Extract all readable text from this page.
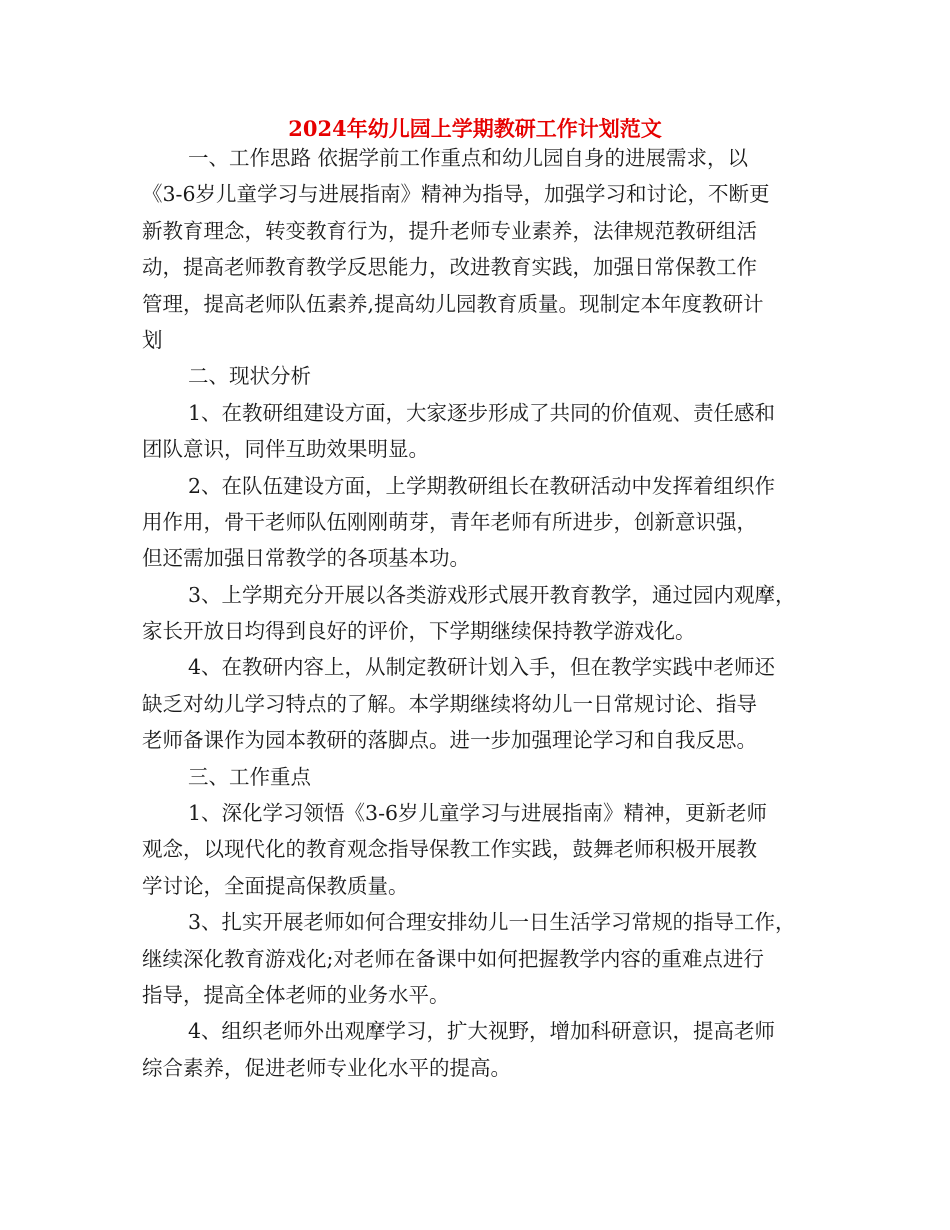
2024年幼儿园上学期教研工作计划范文
一、工作思路 依据学前工作重点和幼儿园自身的进展需求，以
《3-6岁儿童学习与进展指南》精神为指导，加强学习和讨论，不断更
新教育理念，转变教育行为，提升老师专业素养，法律规范教研组活
动，提高老师教育教学反思能力，改进教育实践，加强日常保教工作
管理，提高老师队伍素养,提高幼儿园教育质量。现制定本年度教研计
划
二、现状分析
1、在教研组建设方面，大家逐步形成了共同的价值观、责任感和
团队意识，同伴互助效果明显。
2、在队伍建设方面，上学期教研组长在教研活动中发挥着组织作
用作用，骨干老师队伍刚刚萌芽，青年老师有所进步，创新意识强，
但还需加强日常教学的各项基本功。
3、上学期充分开展以各类游戏形式展开教育教学，通过园内观摩，
家长开放日均得到良好的评价，下学期继续保持教学游戏化。
4、在教研内容上，从制定教研计划入手，但在教学实践中老师还
缺乏对幼儿学习特点的了解。本学期继续将幼儿一日常规讨论、指导
老师备课作为园本教研的落脚点。进一步加强理论学习和自我反思。
三、工作重点
1、深化学习领悟《3-6岁儿童学习与进展指南》精神，更新老师
观念，以现代化的教育观念指导保教工作实践，鼓舞老师积极开展教
学讨论，全面提高保教质量。
3、扎实开展老师如何合理安排幼儿一日生活学习常规的指导工作，
继续深化教育游戏化;对老师在备课中如何把握教学内容的重难点进行
指导，提高全体老师的业务水平。
4、组织老师外出观摩学习，扩大视野，增加科研意识，提高老师
综合素养，促进老师专业化水平的提高。
